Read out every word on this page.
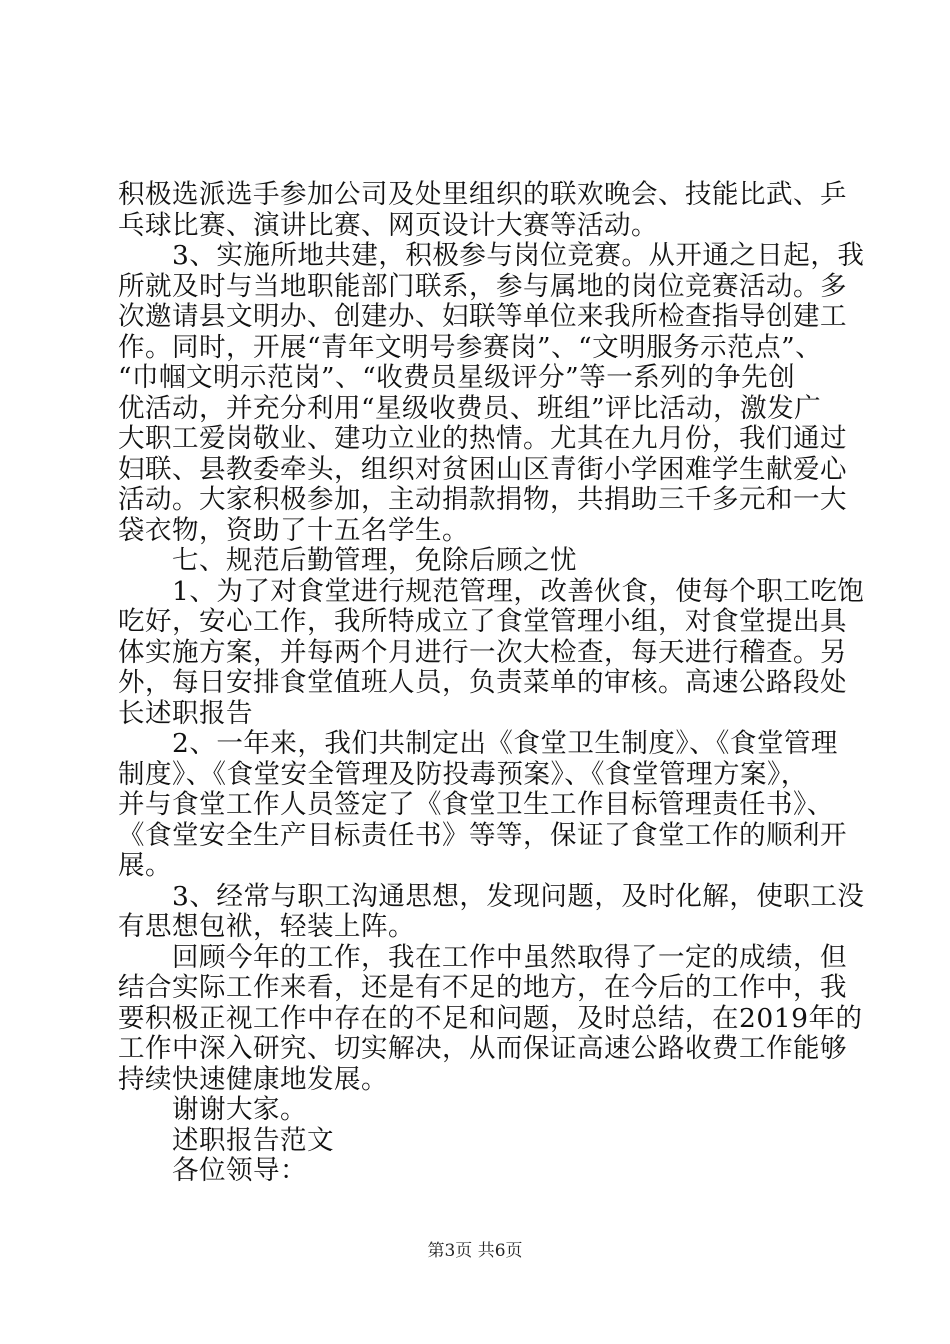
积极选派选手参加公司及处里组织的联欢晚会、技能比武、乒
乓球比赛、演讲比赛、网页设计大赛等活动。
　　3、实施所地共建，积极参与岗位竞赛。从开通之日起，我
所就及时与当地职能部门联系，参与属地的岗位竞赛活动。多
次邀请县文明办、创建办、妇联等单位来我所检查指导创建工
作。同时，开展“青年文明号参赛岗”、“文明服务示范点”、
“巾帼文明示范岗”、“收费员星级评分”等一系列的争先创
优活动，并充分利用“星级收费员、班组”评比活动，激发广
大职工爱岗敬业、建功立业的热情。尤其在九月份，我们通过
妇联、县教委牵头，组织对贫困山区青街小学困难学生献爱心
活动。大家积极参加，主动捐款捐物，共捐助三千多元和一大
袋衣物，资助了十五名学生。
　　七、规范后勤管理，免除后顾之忧
　　1、为了对食堂进行规范管理，改善伙食，使每个职工吃饱
吃好，安心工作，我所特成立了食堂管理小组，对食堂提出具
体实施方案，并每两个月进行一次大检查，每天进行稽查。另
外，每日安排食堂值班人员，负责菜单的审核。高速公路段处
长述职报告
　　2、一年来，我们共制定出《食堂卫生制度》、《食堂管理
制度》、《食堂安全管理及防投毒预案》、《食堂管理方案》，
并与食堂工作人员签定了《食堂卫生工作目标管理责任书》、
《食堂安全生产目标责任书》等等，保证了食堂工作的顺利开
展。
　　3、经常与职工沟通思想，发现问题，及时化解，使职工没
有思想包袱，轻装上阵。
　　回顾今年的工作，我在工作中虽然取得了一定的成绩，但
结合实际工作来看，还是有不足的地方，在今后的工作中，我
要积极正视工作中存在的不足和问题，及时总结，在2019年的
工作中深入研究、切实解决，从而保证高速公路收费工作能够
持续快速健康地发展。
　　谢谢大家。
　　述职报告范文
　　各位领导：
第3页 共6页
